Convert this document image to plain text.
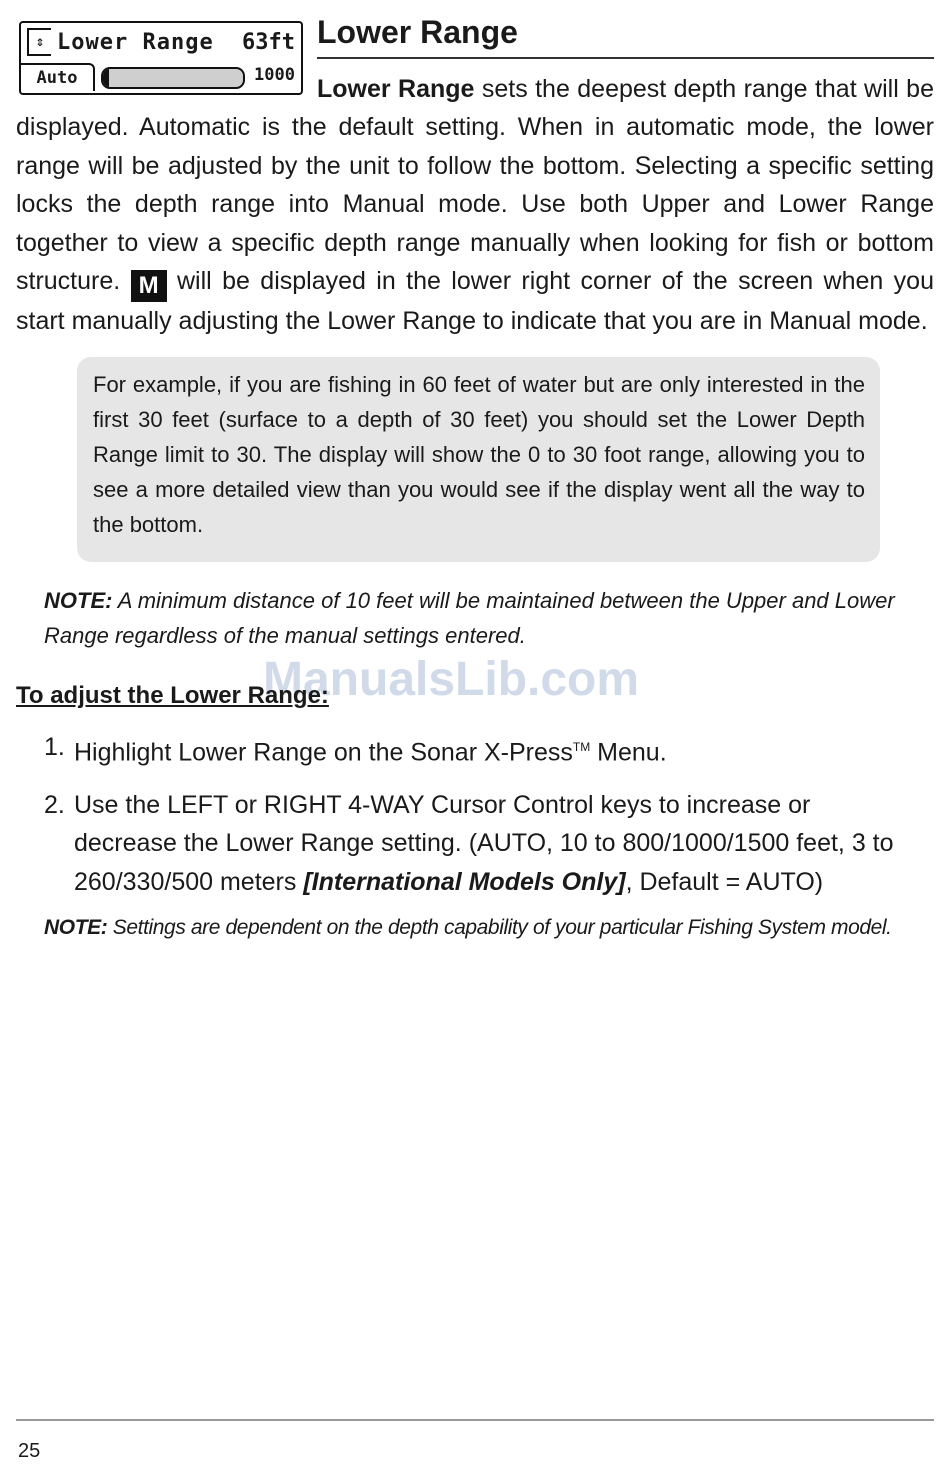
⇕ Lower Range 63ft
Auto	1000
Lower Range

Lower Range sets the deepest depth range that will be displayed. Automatic is the default setting. When in automatic mode, the lower range will be adjusted by the unit to follow the bottom. Selecting a specific setting locks the depth range into Manual mode. Use both Upper and Lower Range together to view a specific depth range manually when looking for fish or bottom structure. M will be displayed in the lower right corner of the screen when you start manually adjusting the Lower Range to indicate that you are in Manual mode.

For example, if you are fishing in 60 feet of water but are only interested in the first 30 feet (surface to a depth of 30 feet) you should set the Lower Depth Range limit to 30. The display will show the 0 to 30 foot range, allowing you to see a more detailed view than you would see if the display went all the way to the bottom.

NOTE: A minimum distance of 10 feet will be maintained between the Upper and Lower Range regardless of the manual settings entered.

ManualsLib.com
To adjust the Lower Range:
1. Highlight Lower Range on the Sonar X-Press™ Menu.
2. Use the LEFT or RIGHT 4-WAY Cursor Control keys to increase or decrease the Lower Range setting. (AUTO, 10 to 800/1000/1500 feet, 3 to 260/330/500 meters [International Models Only], Default = AUTO)

NOTE: Settings are dependent on the depth capability of your particular Fishing System model.

25
